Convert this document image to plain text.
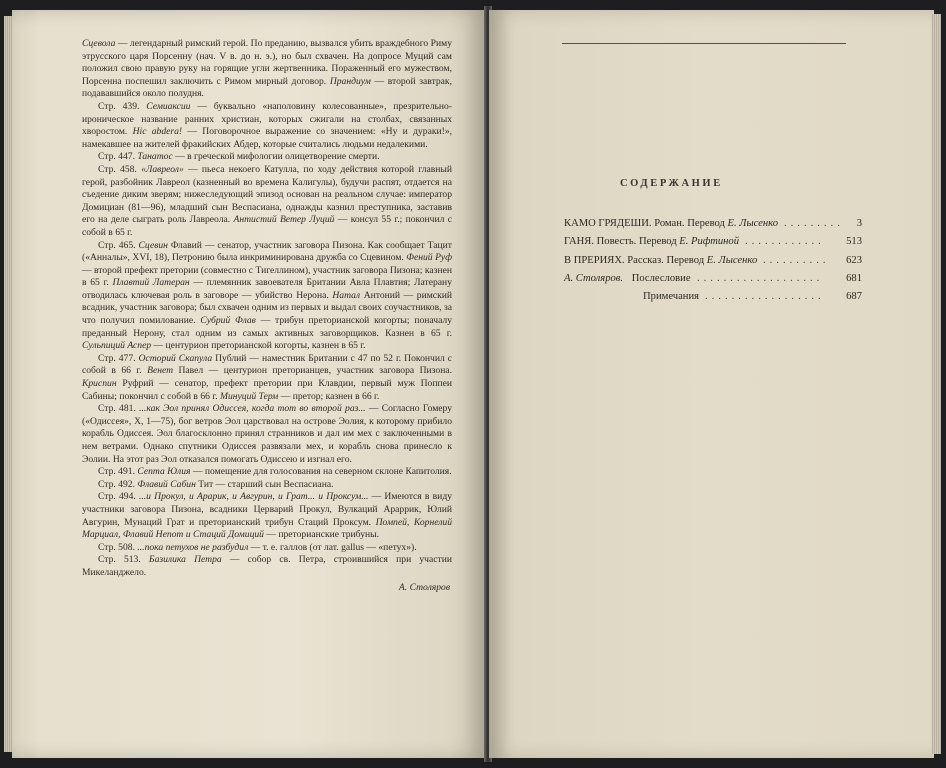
Сцевола — легендарный римский герой. По преданию, вызвался убить враждебного Риму этрусского царя Порсенну (нач. V в. до н. э.), но был схвачен. На допросе Муций сам положил свою правую руку на горящие угли жертвенника. Пораженный его мужеством, Порсенна поспешил заключить с Римом мирный договор. Прандиум — второй завтрак, подававшийся около полудня.

Стр. 439. Семиаксии — буквально «наполовину колесованные», презрительно-ироническое название ранних христиан, которых сжигали на столбах, связанных хворостом. Hic abdera! — Поговорочное выражение со значением: «Ну и дураки!», намекавшее на жителей фракийских Абдер, которые считались людьми недалекими.

Стр. 447. Танатос — в греческой мифологии олицетворение смерти.

Стр. 458. «Лавреол» — пьеса некоего Катулла, по ходу действия которой главный герой, разбойник Лавреол (казненный во времена Калигулы), будучи распят, отдается на съедение диким зверям; нижеследующий эпизод основан на реальном случае: император Домициан (81—96), младший сын Веспасиана, однажды казнил преступника, заставив его на деле сыграть роль Лавреола. Антистий Ветер Луций — консул 55 г.; покончил с собой в 65 г.

Стр. 465. Сцевин Флавий — сенатор, участник заговора Пизона. Как сообщает Тацит («Анналы», XVI, 18), Петронию была инкриминирована дружба со Сцевином. Фений Руф — второй префект претории (совместно с Тигеллином), участник заговора Пизона; казнен в 65 г. Плавтий Латеран — племянник завоевателя Британии Авла Плавтия; Латерану отводилась ключевая роль в заговоре — убийство Нерона. Натал Антоний — римский всадник, участник заговора; был схвачен одним из первых и выдал своих соучастников, за что получил помилование. Субрий Флав — трибун преторианской когорты; поначалу преданный Нерону, стал одним из самых активных заговорщиков. Казнен в 65 г. Сульпиций Аспер — центурион преторианской когорты, казнен в 65 г.

Стр. 477. Осторий Скапула Публий — наместник Британии с 47 по 52 г. Покончил с собой в 66 г. Венет Павел — центурион преторианцев, участник заговора Пизона. Криспин Руфрий — сенатор, префект претории при Клавдии, первый муж Поппеи Сабины; покончил с собой в 66 г. Минуций Терм — претор; казнен в 66 г.

Стр. 481. ...как Эол принял Одиссея, когда тот во второй раз... — Согласно Гомеру («Одиссея», X, 1—75), бог ветров Эол царствовал на острове Эолия, к которому прибило корабль Одиссея. Эол благосклонно принял странников и дал им мех с заключенными в нем ветрами. Однако спутники Одиссея развязали мех, и корабль снова принесло к Эолии. На этот раз Эол отказался помогать Одиссею и изгнал его.

Стр. 491. Септа Юлия — помещение для голосования на северном склоне Капитолия.

Стр. 492. Флавий Сабин Тит — старший сын Веспасиана.

Стр. 494. ...и Прокул, и Арарик, и Авгурин, и Грат... и Проксум... — Имеются в виду участники заговора Пизона, всадники Церварий Прокул, Вулкаций Араррик, Юлий Авгурин, Мунаций Грат и преторианский трибун Стаций Проксум. Помпей, Корнелий Марциал, Флавий Непот и Стаций Домиций — преторианские трибуны.

Стр. 508. ...пока петухов не разбудил — т. е. галлов (от лат. gallus — «петух»).

Стр. 513. Базилика Петра — собор св. Петра, строившийся при участии Микеланджело.

А. Столяров
СОДЕРЖАНИЕ
КАМО ГРЯДЕШИ. Роман. Перевод Е. Лысенко ......... 3
ГАНЯ. Повесть. Перевод Е. Рифтиной ............ 513
В ПРЕРИЯХ. Рассказ. Перевод Е. Лысенко .......... 623
А. Столяров. Послесловие ................... 681
Примечания .................. 687
